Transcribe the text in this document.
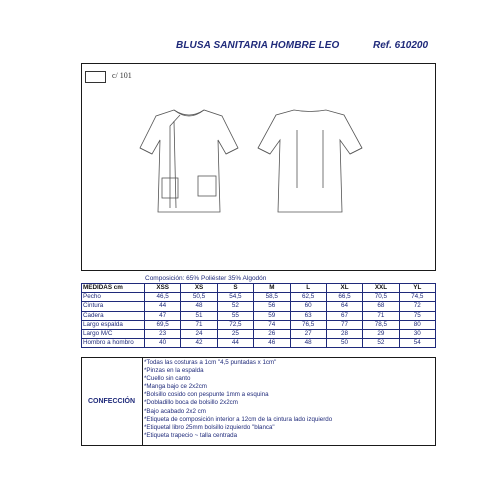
BLUSA SANITARIA HOMBRE LEO	Ref. 610200
c/ 101
Composición: 65% Poliéster 35% Algodón
MEDIDAS cm	XSS	XS	S	M	L	XL	XXL	YL
Pecho	46,5	50,5	54,5	58,5	62,5	66,5	70,5	74,5
Cintura	44	48	52	56	60	64	68	72
Cadera	47	51	55	59	63	67	71	75
Largo espalda	69,5	71	72,5	74	76,5	77	78,5	80
Largo M/C	23	24	25	26	27	28	29	30
Hombro a hombro	40	42	44	46	48	50	52	54
CONFECCIÓN
*Todas las costuras a 1cm "4,5 puntadas x 1cm"
*Pinzas en la espalda
*Cuello sin canto
*Manga bajo ce 2x2cm
*Bolsillo cosido con pespunte 1mm a esquina
*Dobladillo boca de bolsillo 2x2cm
*Bajo acabado 2x2 cm
*Etiqueta de composición interior a 12cm de la cintura lado izquierdo
*Etiquetal libro 25mm bolsillo izquierdo "blanca"
*Etiqueta trapecio ~ talla centrada
